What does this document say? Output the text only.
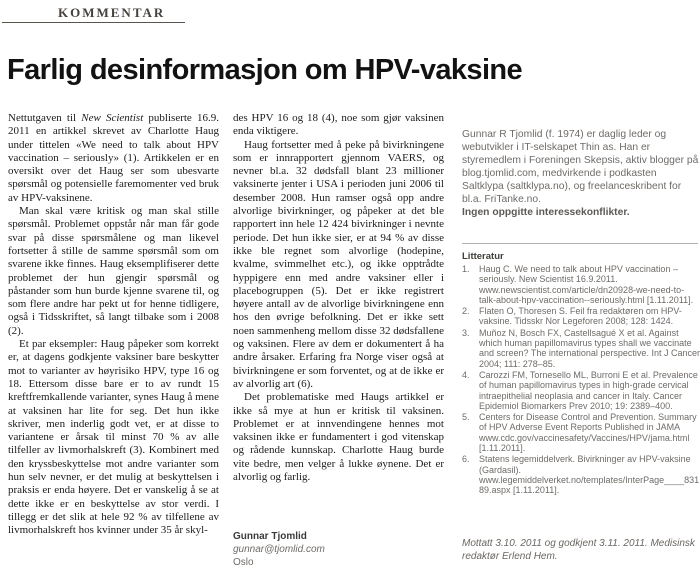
KOMMENTAR
Farlig desinformasjon om HPV-vaksine

Nettutgaven til New Scientist publiserte 16.9. 2011 en artikkel skrevet av Charlotte Haug under tittelen «We need to talk about HPV vaccination – seriously» (1). Artikkelen er en oversikt over det Haug ser som ubesvarte spørsmål og potensielle faremomenter ved bruk av HPV-vaksinene.

Man skal være kritisk og man skal stille spørsmål. Problemet oppstår når man får gode svar på disse spørsmålene og man likevel fortsetter å stille de samme spørsmål som om svarene ikke finnes. Haug eksemplifiserer dette problemet der hun gjengir spørsmål og påstander som hun burde kjenne svarene til, og som flere andre har pekt ut for henne tidligere, også i Tidsskriftet, så langt tilbake som i 2008 (2).

Et par eksempler: Haug påpeker som korrekt er, at dagens godkjente vaksiner bare beskytter mot to varianter av høyrisiko HPV, type 16 og 18. Ettersom disse bare er to av rundt 15 kreftfremkallende varianter, synes Haug å mene at vaksinen har lite for seg. Det hun ikke skriver, men inderlig godt vet, er at disse to variantene er årsak til minst 70 % av alle tilfeller av livmorhalskreft (3). Kombinert med den kryssbeskyttelse mot andre varianter som hun selv nevner, er det mulig at beskyttelsen i praksis er enda høyere. Det er vanskelig å se at dette ikke er en beskyttelse av stor verdi. I tillegg er det slik at hele 92 % av tilfellene av livmorhalskreft hos kvinner under 35 år skyl-

des HPV 16 og 18 (4), noe som gjør vaksinen enda viktigere.

Haug fortsetter med å peke på bivirkningene som er innrapportert gjennom VAERS, og nevner bl.a. 32 dødsfall blant 23 millioner vaksinerte jenter i USA i perioden juni 2006 til desember 2008. Hun ramser også opp andre alvorlige bivirkninger, og påpeker at det ble rapportert inn hele 12 424 bivirkninger i nevnte periode. Det hun ikke sier, er at 94 % av disse ikke ble regnet som alvorlige (hodepine, kvalme, svimmelhet etc.), og ikke opptrådte hyppigere enn med andre vaksiner eller i placebogruppen (5). Det er ikke registrert høyere antall av de alvorlige bivirkningene enn hos den øvrige befolkning. Det er ikke sett noen sammenheng mellom disse 32 dødsfallene og vaksinen. Flere av dem er dokumentert å ha andre årsaker. Erfaring fra Norge viser også at bivirkningene er som forventet, og at de ikke er av alvorlig art (6).

Det problematiske med Haugs artikkel er ikke så mye at hun er kritisk til vaksinen. Problemet er at innvendingene hennes mot vaksinen ikke er fundamentert i god vitenskap og rådende kunnskap. Charlotte Haug burde vite bedre, men velger å lukke øynene. Det er alvorlig og farlig.

Gunnar Tjomlid
gunnar@tjomlid.com
Oslo
Gunnar R Tjomlid (f. 1974) er daglig leder og webutvikler i IT-selskapet Thin as. Han er styremedlem i Foreningen Skepsis, aktiv blogger på blog.tjomlid.com, medvirkende i podkasten Saltklypa (saltklypa.no), og freelanceskribent for bl.a. FriTanke.no.
Ingen oppgitte interessekonflikter.
Litteratur
1.	Haug C. We need to talk about HPV vaccination – seriously. New Scientist 16.9.2011. www.newscientist.com/article/dn20928-we-need-to-talk-about-hpv-vaccination--seriously.html [1.11.2011].
2.	Flaten O, Thoresen S. Feil fra redaktøren om HPV-vaksine. Tidsskr Nor Legeforen 2008; 128: 1424.
3.	Muñoz N, Bosch FX, Castellsagué X et al. Against which human papillomavirus types shall we vaccinate and screen? The international perspective. Int J Cancer 2004; 111: 278–85.
4.	Carozzi FM, Tornesello ML, Burroni E et al. Prevalence of human papillomavirus types in high-grade cervical intraepithelial neoplasia and cancer in Italy. Cancer Epidemiol Biomarkers Prev 2010; 19: 2389–400.
5.	Centers for Disease Control and Prevention. Summary of HPV Adverse Event Reports Published in JAMA www.cdc.gov/vaccinesafety/Vaccines/HPV/jama.html [1.11.2011].
6.	Statens legemiddelverk. Bivirkninger av HPV-vaksine (Gardasil). www.legemiddelverket.no/templates/InterPage____83189.aspx [1.11.2011].
Mottatt 3.10. 2011 og godkjent 3.11. 2011. Medisinsk redaktør Erlend Hem.
